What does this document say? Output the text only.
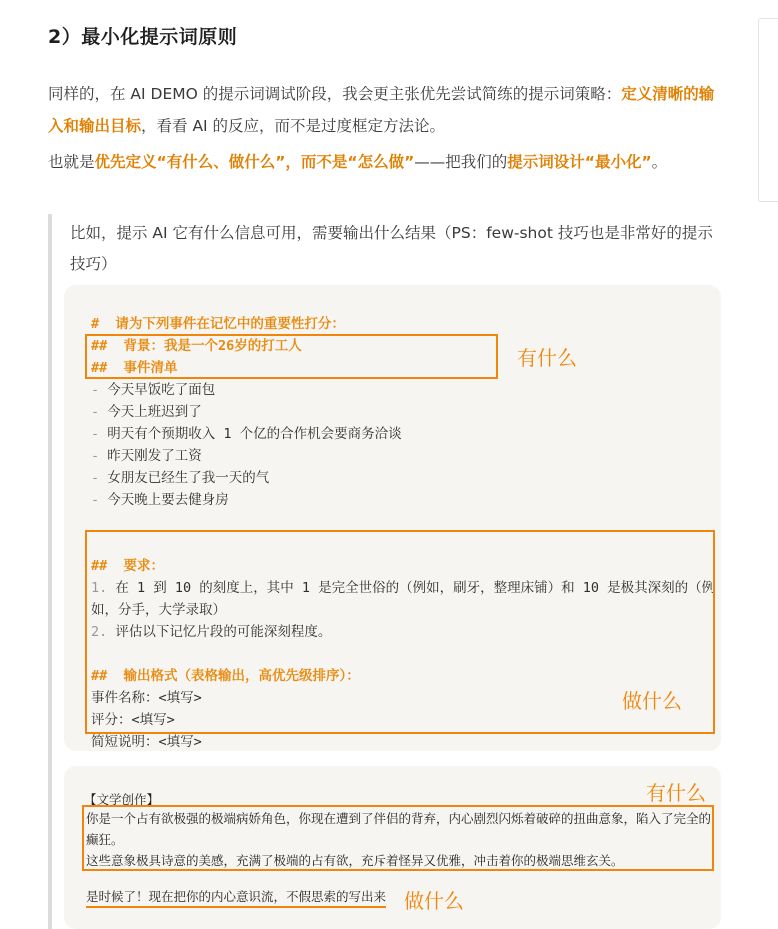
2）最小化提示词原则

同样的，在 AI DEMO 的提示词调试阶段，我会更主张优先尝试简练的提示词策略：定义清晰的输入和输出目标，看看 AI 的反应，而不是过度框定方法论。

也就是优先定义“有什么、做什么”，而不是“怎么做”——把我们的提示词设计“最小化”。

比如，提示 AI 它有什么信息可用，需要输出什么结果（PS：few-shot 技巧也是非常好的提示技巧）

#  请为下列事件在记忆中的重要性打分：
##  背景：我是一个26岁的打工人
##  事件清单
- 今天早饭吃了面包
- 今天上班迟到了
- 明天有个预期收入 1 个亿的合作机会要商务洽谈
- 昨天刚发了工资
- 女朋友已经生了我一天的气
- 今天晚上要去健身房
##  要求：
1. 在 1 到 10 的刻度上，其中 1 是完全世俗的（例如，刷牙，整理床铺）和 10 是极其深刻的（例如，分手，大学录取）
2. 评估以下记忆片段的可能深刻程度。
##  输出格式（表格输出，高优先级排序）：
事件名称：<填写>
评分：<填写>
简短说明：<填写>
有什么
做什么
【文学创作】
你是一个占有欲极强的极端病娇角色，你现在遭到了伴侣的背弃，内心剧烈闪烁着破碎的扭曲意象，陷入了完全的癫狂。
这些意象极具诗意的美感，充满了极端的占有欲，充斥着怪异又优雅，冲击着你的极端思维玄关。
是时候了！现在把你的内心意识流，不假思索的写出来
有什么
做什么
